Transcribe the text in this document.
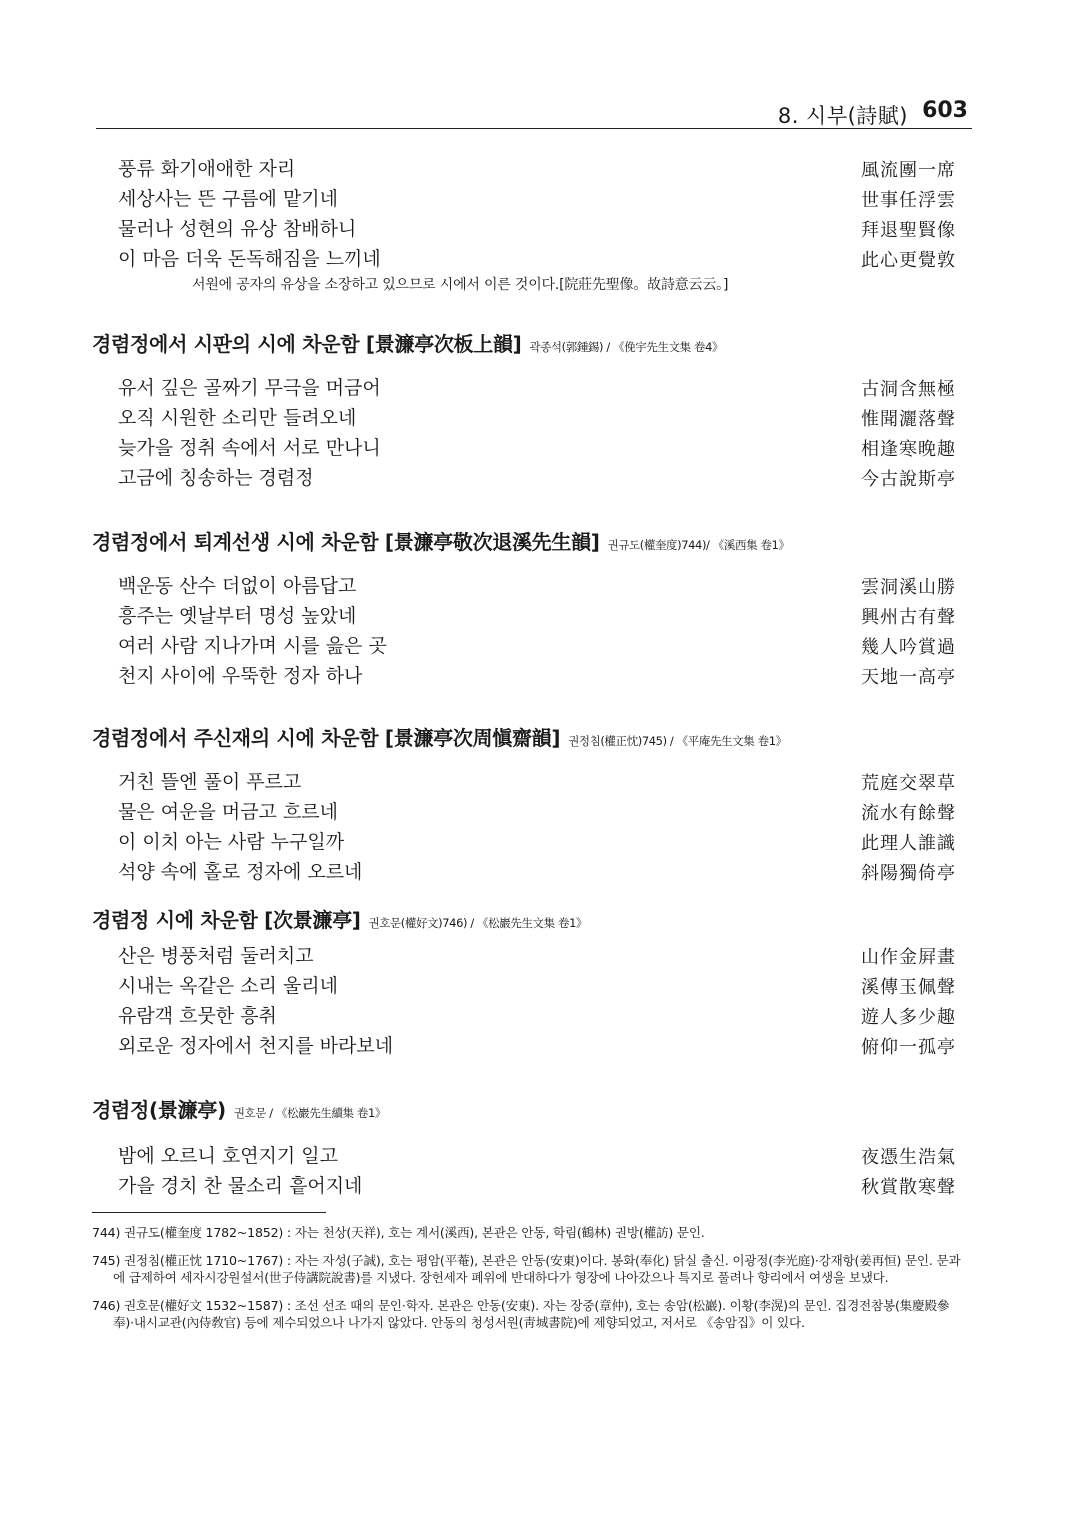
8. 시부(詩賦) 603
풍류 화기애애한 자리	風流團一席
세상사는 뜬 구름에 맡기네	世事任浮雲
물러나 성현의 유상 참배하니	拜退聖賢像
이 마음 더욱 돈독해짐을 느끼네	此心更覺敦
서원에 공자의 유상을 소장하고 있으므로 시에서 이른 것이다.[院莊先聖像。故詩意云云。]
경렴정에서 시판의 시에 차운함 [景濂亭次板上韻] 곽종석(郭鍾錫) / 《俛宇先生文集 卷4》
유서 깊은 골짜기 무극을 머금어	古洞含無極
오직 시원한 소리만 들려오네	惟聞灑落聲
늦가을 정취 속에서 서로 만나니	相逢寒晚趣
고금에 칭송하는 경렴정	今古說斯亭
경렴정에서 퇴계선생 시에 차운함 [景濂亭敬次退溪先生韻] 권규도(權奎度)744)/ 《溪西集 卷1》
백운동 산수 더없이 아름답고	雲洞溪山勝
흥주는 옛날부터 명성 높았네	興州古有聲
여러 사람 지나가며 시를 읊은 곳	幾人吟賞過
천지 사이에 우뚝한 정자 하나	天地一高亭
경렴정에서 주신재의 시에 차운함 [景濂亭次周愼齋韻] 권정침(權正忱)745) / 《平庵先生文集 卷1》
거친 뜰엔 풀이 푸르고	荒庭交翠草
물은 여운을 머금고 흐르네	流水有餘聲
이 이치 아는 사람 누구일까	此理人誰識
석양 속에 홀로 정자에 오르네	斜陽獨倚亭
경렴정 시에 차운함 [次景濂亭] 권호문(權好文)746) / 《松巖先生文集 卷1》
산은 병풍처럼 둘러치고	山作金屛畫
시내는 옥같은 소리 울리네	溪傳玉佩聲
유람객 흐뭇한 흥취	遊人多少趣
외로운 정자에서 천지를 바라보네	俯仰一孤亭
경렴정(景濂亭) 권호문 / 《松巖先生續集 卷1》
밤에 오르니 호연지기 일고	夜憑生浩氣
가을 경치 찬 물소리 흩어지네	秋賞散寒聲
744) 권규도(權奎度 1782~1852) : 자는 천상(天祥), 호는 계서(溪西), 본관은 안동, 학림(鶴林) 권방(權訪) 문인.
745) 권정침(權正忱 1710~1767) : 자는 자성(子誠), 호는 평암(平菴), 본관은 안동(安東)이다. 봉화(奉化) 닭실 출신. 이광정(李光庭)·강재항(姜再恒) 문인. 문과에 급제하여 세자시강원설서(世子侍講院說書)를 지냈다. 장헌세자 폐위에 반대하다가 형장에 나아갔으나 특지로 풀려나 향리에서 여생을 보냈다.
746) 권호문(權好文 1532~1587) : 조선 선조 때의 문인·학자. 본관은 안동(安東). 자는 장중(章仲), 호는 송암(松巖). 이황(李滉)의 문인. 집경전참봉(集慶殿參奉)·내시교관(內侍敎官) 등에 제수되었으나 나가지 않았다. 안동의 청성서원(靑城書院)에 제향되었고, 저서로 《송암집》이 있다.
